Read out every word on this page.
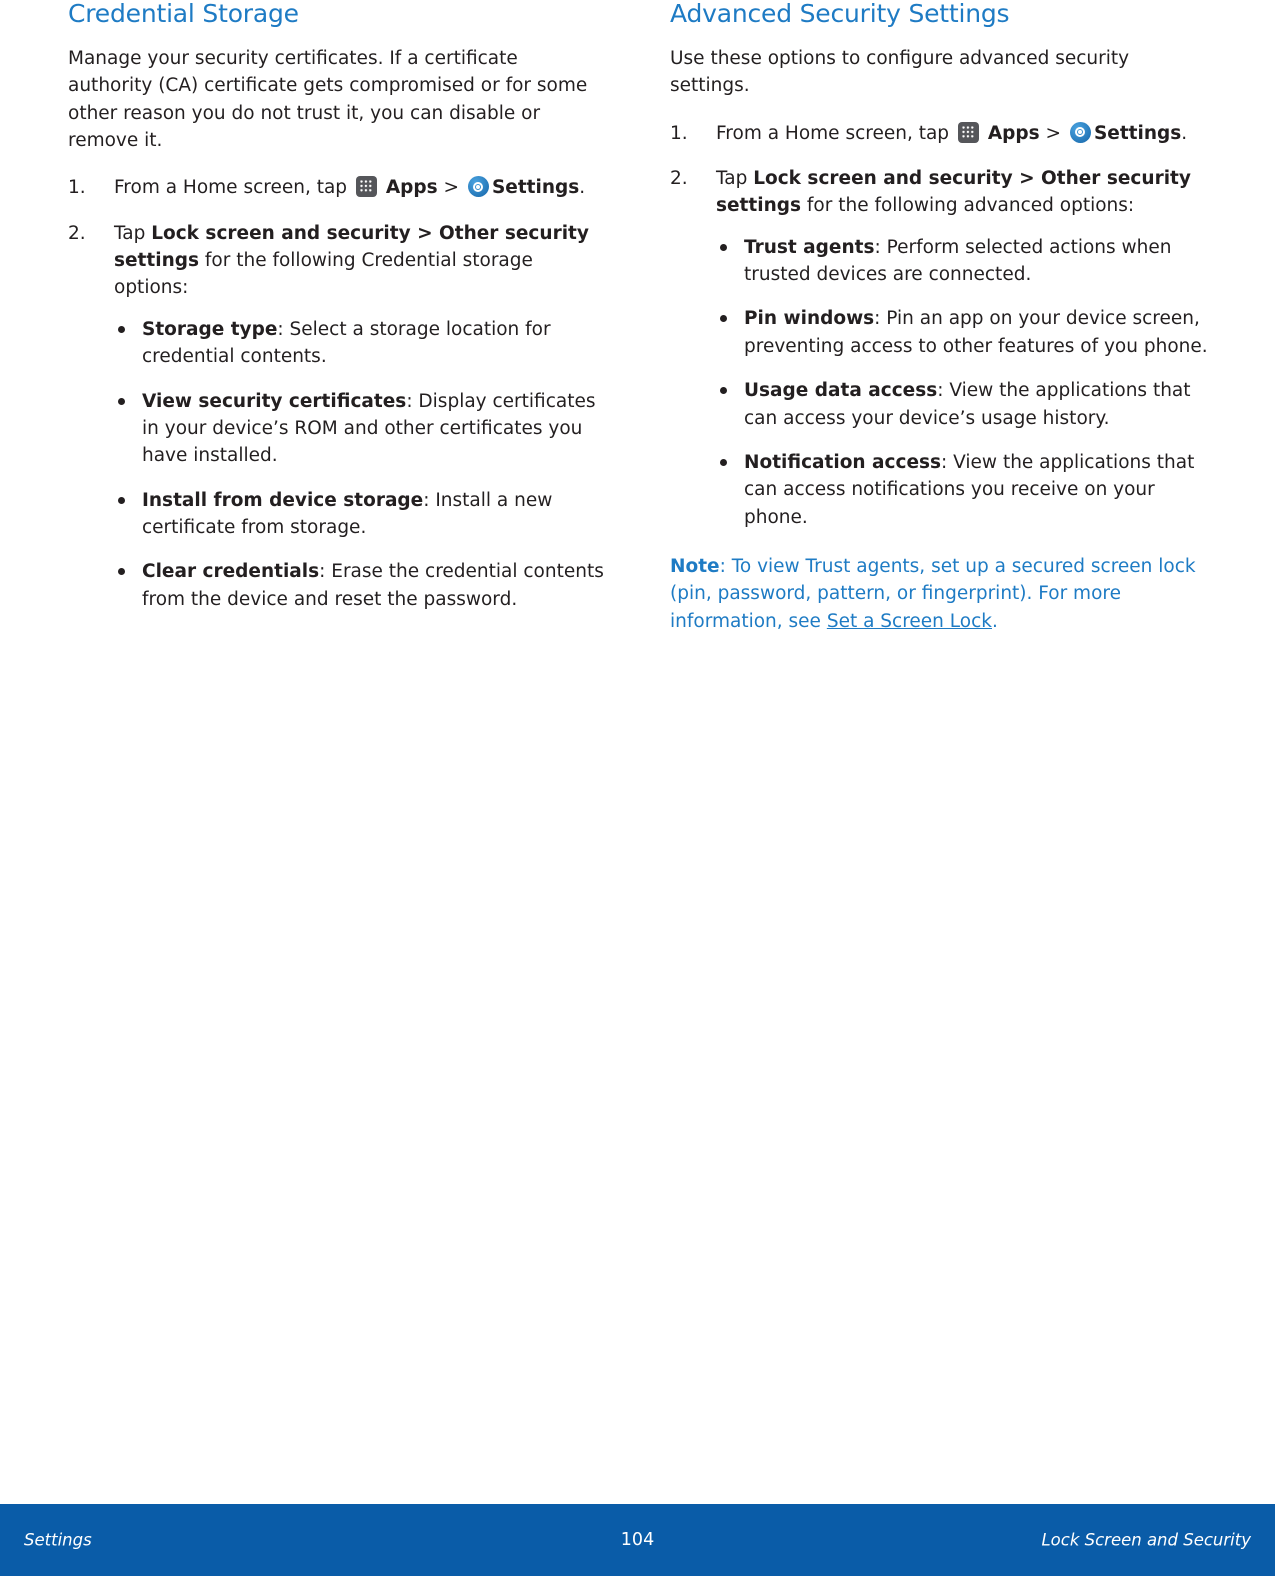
Credential Storage

Manage your security certificates. If a certificate authority (CA) certificate gets compromised or for some other reason you do not trust it, you can disable or remove it.

1.	From a Home screen, tap Apps > Settings.
2.	Tap Lock screen and security > Other security settings for the following Credential storage options:
Storage type: Select a storage location for credential contents.
View security certificates: Display certificates in your device’s ROM and other certificates you have installed.
Install from device storage: Install a new certificate from storage.
Clear credentials: Erase the credential contents from the device and reset the password.
Advanced Security Settings

Use these options to configure advanced security settings.

1.	From a Home screen, tap Apps > Settings.
2.	Tap Lock screen and security > Other security settings for the following advanced options:
Trust agents: Perform selected actions when trusted devices are connected.
Pin windows: Pin an app on your device screen, preventing access to other features of you phone.
Usage data access: View the applications that can access your device’s usage history.
Notification access: View the applications that can access notifications you receive on your phone.

Note: To view Trust agents, set up a secured screen lock (pin, password, pattern, or fingerprint). For more information, see Set a Screen Lock.

Settings	104	Lock Screen and Security
